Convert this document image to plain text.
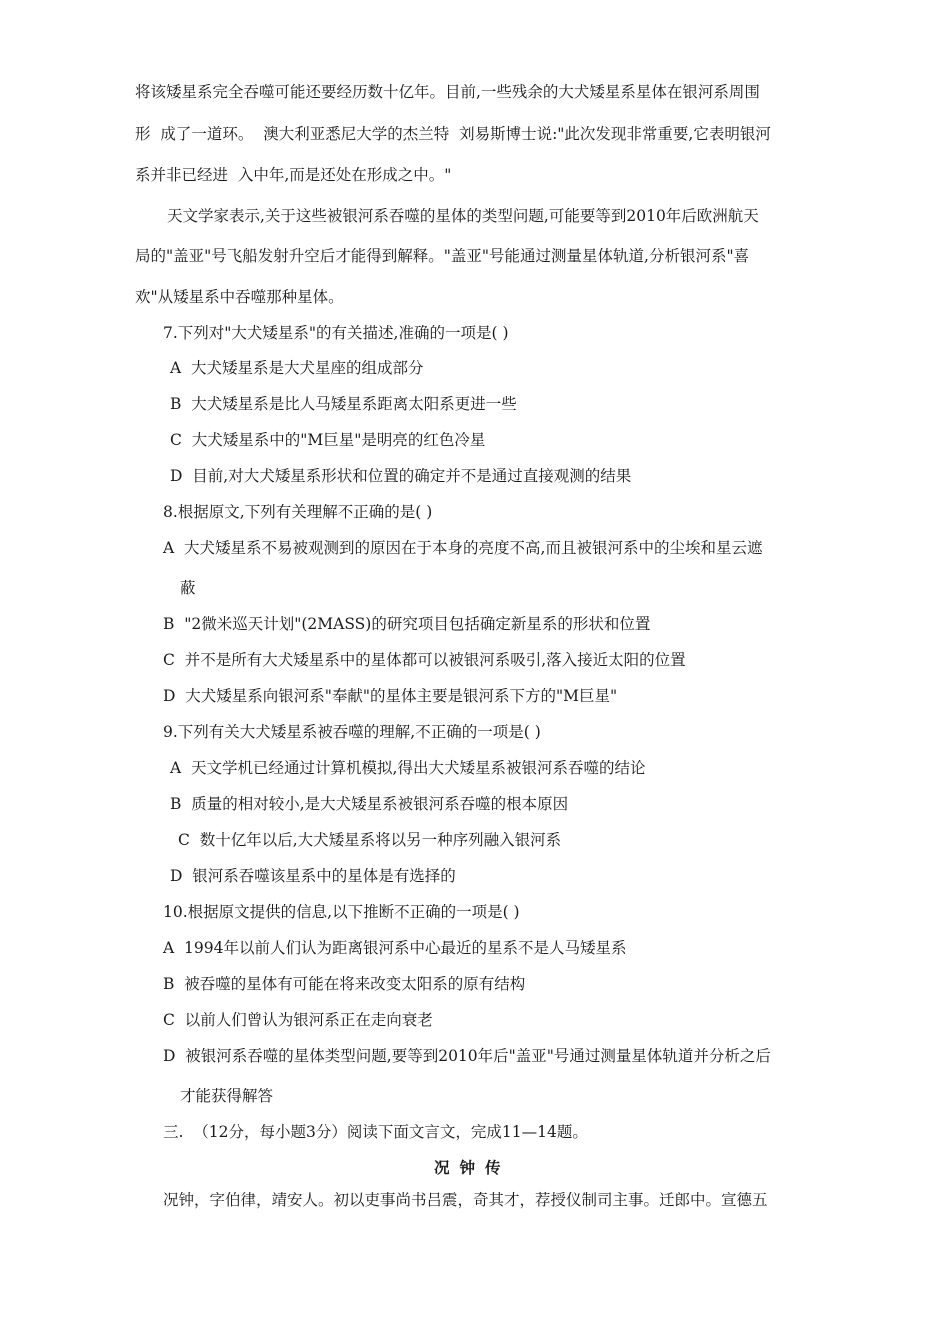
将该矮星系完全吞噬可能还要经历数十亿年。目前,一些残余的大犬矮星系星体在银河系周围
形  成了一道环。  澳大利亚悉尼大学的杰兰特  刘易斯博士说:"此次发现非常重要,它表明银河
系并非已经进  入中年,而是还处在形成之中。"
天文学家表示,关于这些被银河系吞噬的星体的类型问题,可能要等到2010年后欧洲航天
局的"盖亚"号飞船发射升空后才能得到解释。"盖亚"号能通过测量星体轨道,分析银河系"喜
欢"从矮星系中吞噬那种星体。
7.下列对"大犬矮星系"的有关描述,准确的一项是( )
A  大犬矮星系是大犬星座的组成部分
B  大犬矮星系是比人马矮星系距离太阳系更进一些
C  大犬矮星系中的"M巨星"是明亮的红色冷星
D  目前,对大犬矮星系形状和位置的确定并不是通过直接观测的结果
8.根据原文,下列有关理解不正确的是( )
A  大犬矮星系不易被观测到的原因在于本身的亮度不高,而且被银河系中的尘埃和星云遮
蔽
B  "2微米巡天计划"(2MASS)的研究项目包括确定新星系的形状和位置
C  并不是所有大犬矮星系中的星体都可以被银河系吸引,落入接近太阳的位置
D  大犬矮星系向银河系"奉献"的星体主要是银河系下方的"M巨星"
9.下列有关大犬矮星系被吞噬的理解,不正确的一项是( )
A  天文学机已经通过计算机模拟,得出大犬矮星系被银河系吞噬的结论
B  质量的相对较小,是大犬矮星系被银河系吞噬的根本原因
C  数十亿年以后,大犬矮星系将以另一种序列融入银河系
D  银河系吞噬该星系中的星体是有选择的
10.根据原文提供的信息,以下推断不正确的一项是( )
A  1994年以前人们认为距离银河系中心最近的星系不是人马矮星系
B  被吞噬的星体有可能在将来改变太阳系的原有结构
C  以前人们曾认为银河系正在走向衰老
D  被银河系吞噬的星体类型问题,要等到2010年后"盖亚"号通过测量星体轨道并分析之后
才能获得解答
三.  （12分，每小题3分）阅读下面文言文，完成11—14题。
况钟传
况钟，字伯律，靖安人。初以吏事尚书吕震，奇其才，荐授仪制司主事。迁郎中。宣德五
